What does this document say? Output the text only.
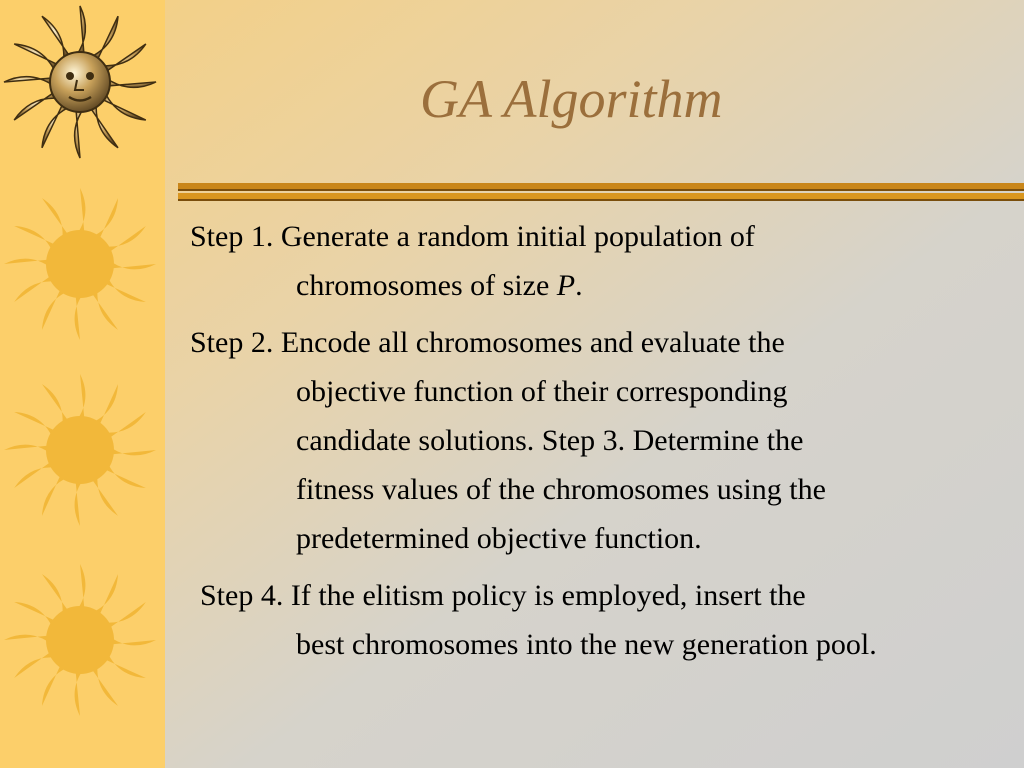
GA Algorithm
Step 1. Generate a random initial population of
chromosomes of size P.
Step 2. Encode all chromosomes and evaluate the
objective function of their corresponding
candidate solutions. Step 3. Determine the
fitness values of the chromosomes using the
predetermined objective function.
Step 4. If the elitism policy is employed, insert the
best chromosomes into the new generation pool.
